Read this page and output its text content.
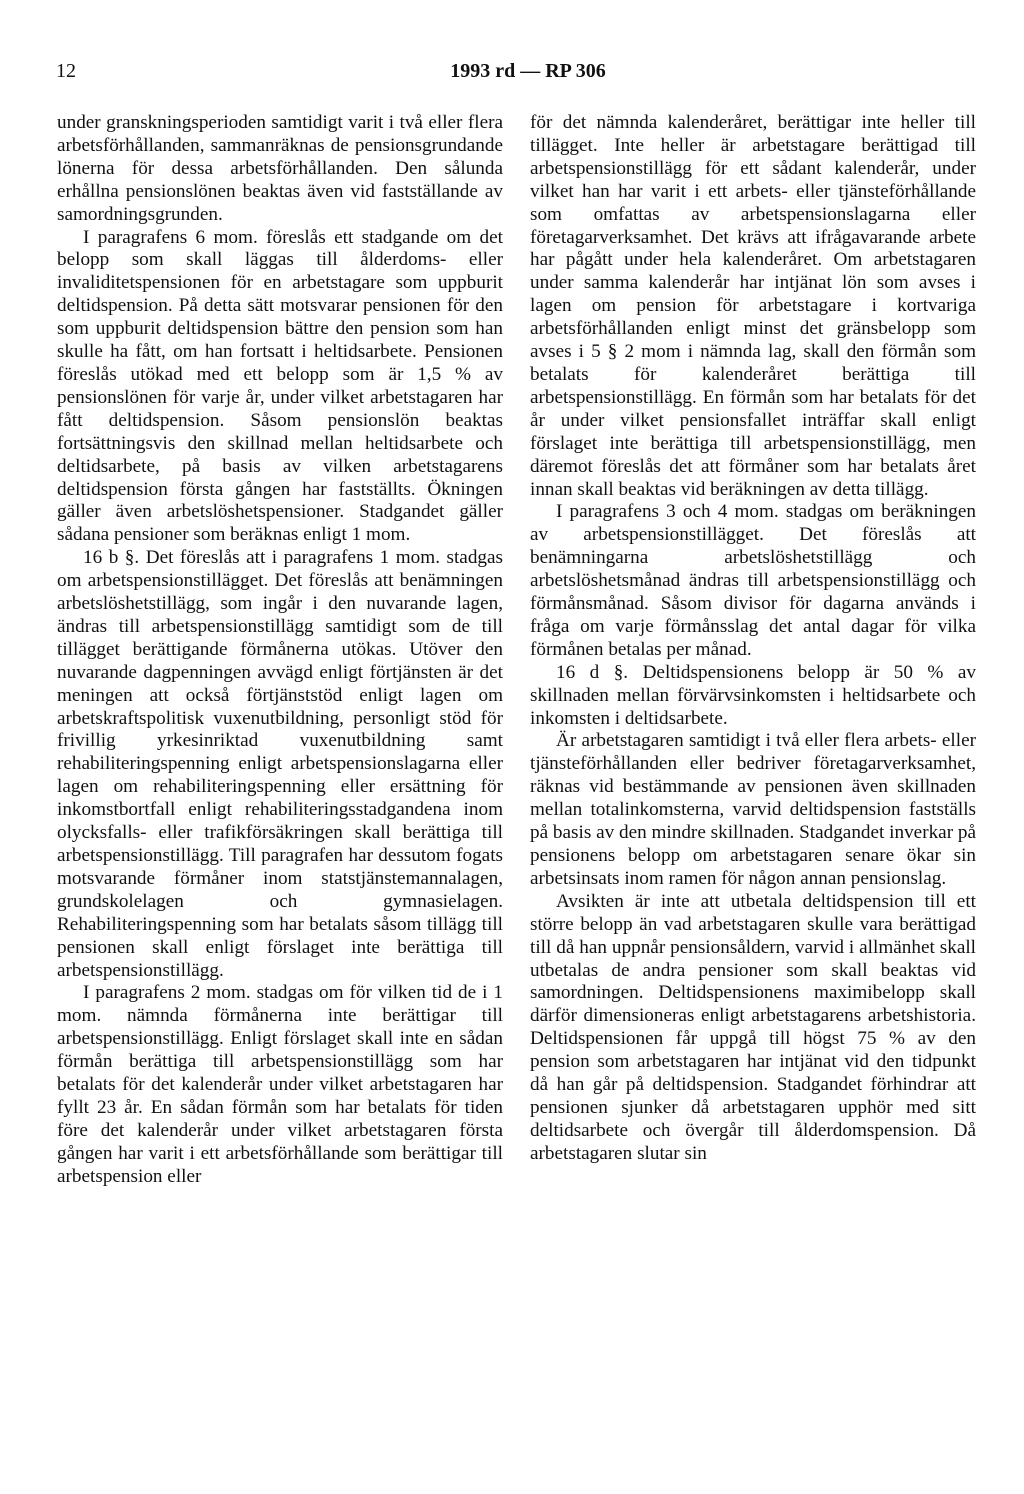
12	1993 rd — RP 306

under granskningsperioden samtidigt varit i två eller flera arbetsförhållanden, sammanräknas de pensionsgrundande lönerna för dessa arbetsförhållanden. Den sålunda erhållna pensionslönen beaktas även vid fastställande av samordningsgrunden.

I paragrafens 6 mom. föreslås ett stadgande om det belopp som skall läggas till ålderdoms- eller invaliditetspensionen för en arbetstagare som uppburit deltidspension. På detta sätt motsvarar pensionen för den som uppburit deltidspension bättre den pension som han skulle ha fått, om han fortsatt i heltidsarbete. Pensionen föreslås utökad med ett belopp som är 1,5 % av pensionslönen för varje år, under vilket arbetstagaren har fått deltidspension. Såsom pensionslön beaktas fortsättningsvis den skillnad mellan heltidsarbete och deltidsarbete, på basis av vilken arbetstagarens deltidspension första gången har fastställts. Ökningen gäller även arbetslöshetspensioner. Stadgandet gäller sådana pensioner som beräknas enligt 1 mom.

16 b §. Det föreslås att i paragrafens 1 mom. stadgas om arbetspensionstillägget. Det föreslås att benämningen arbetslöshetstillägg, som ingår i den nuvarande lagen, ändras till arbetspensionstillägg samtidigt som de till tillägget berättigande förmånerna utökas. Utöver den nuvarande dagpenningen avvägd enligt förtjänsten är det meningen att också förtjänststöd enligt lagen om arbetskraftspolitisk vuxenutbildning, personligt stöd för frivillig yrkesinriktad vuxenutbildning samt rehabiliteringspenning enligt arbetspensionslagarna eller lagen om rehabiliteringspenning eller ersättning för inkomstbortfall enligt rehabiliteringsstadgandena inom olycksfalls- eller trafikförsäkringen skall berättiga till arbetspensionstillägg. Till paragrafen har dessutom fogats motsvarande förmåner inom statstjänstemannalagen, grundskolelagen och gymnasielagen. Rehabiliteringspenning som har betalats såsom tillägg till pensionen skall enligt förslaget inte berättiga till arbetspensionstillägg.

I paragrafens 2 mom. stadgas om för vilken tid de i 1 mom. nämnda förmånerna inte berättigar till arbetspensionstillägg. Enligt förslaget skall inte en sådan förmån berättiga till arbetspensionstillägg som har betalats för det kalenderår under vilket arbetstagaren har fyllt 23 år. En sådan förmån som har betalats för tiden före det kalenderår under vilket arbetstagaren första gången har varit i ett arbetsförhållande som berättigar till arbetspension eller

för det nämnda kalenderåret, berättigar inte heller till tillägget. Inte heller är arbetstagare berättigad till arbetspensionstillägg för ett sådant kalenderår, under vilket han har varit i ett arbets- eller tjänsteförhållande som omfattas av arbetspensionslagarna eller företagarverksamhet. Det krävs att ifrågavarande arbete har pågått under hela kalenderåret. Om arbetstagaren under samma kalenderår har intjänat lön som avses i lagen om pension för arbetstagare i kortvariga arbetsförhållanden enligt minst det gränsbelopp som avses i 5 § 2 mom i nämnda lag, skall den förmån som betalats för kalenderåret berättiga till arbetspensionstillägg. En förmån som har betalats för det år under vilket pensionsfallet inträffar skall enligt förslaget inte berättiga till arbetspensionstillägg, men däremot föreslås det att förmåner som har betalats året innan skall beaktas vid beräkningen av detta tillägg.

I paragrafens 3 och 4 mom. stadgas om beräkningen av arbetspensionstillägget. Det föreslås att benämningarna arbetslöshetstillägg och arbetslöshetsmånad ändras till arbetspensionstillägg och förmånsmånad. Såsom divisor för dagarna används i fråga om varje förmånsslag det antal dagar för vilka förmånen betalas per månad.

16 d §. Deltidspensionens belopp är 50 % av skillnaden mellan förvärvsinkomsten i heltidsarbete och inkomsten i deltidsarbete.

Är arbetstagaren samtidigt i två eller flera arbets- eller tjänsteförhållanden eller bedriver företagarverksamhet, räknas vid bestämmande av pensionen även skillnaden mellan totalinkomsterna, varvid deltidspension fastställs på basis av den mindre skillnaden. Stadgandet inverkar på pensionens belopp om arbetstagaren senare ökar sin arbetsinsats inom ramen för någon annan pensionslag.

Avsikten är inte att utbetala deltidspension till ett större belopp än vad arbetstagaren skulle vara berättigad till då han uppnår pensionsåldern, varvid i allmänhet skall utbetalas de andra pensioner som skall beaktas vid samordningen. Deltidspensionens maximibelopp skall därför dimensioneras enligt arbetstagarens arbetshistoria. Deltidspensionen får uppgå till högst 75 % av den pension som arbetstagaren har intjänat vid den tidpunkt då han går på deltidspension. Stadgandet förhindrar att pensionen sjunker då arbetstagaren upphör med sitt deltidsarbete och övergår till ålderdomspension. Då arbetstagaren slutar sin
